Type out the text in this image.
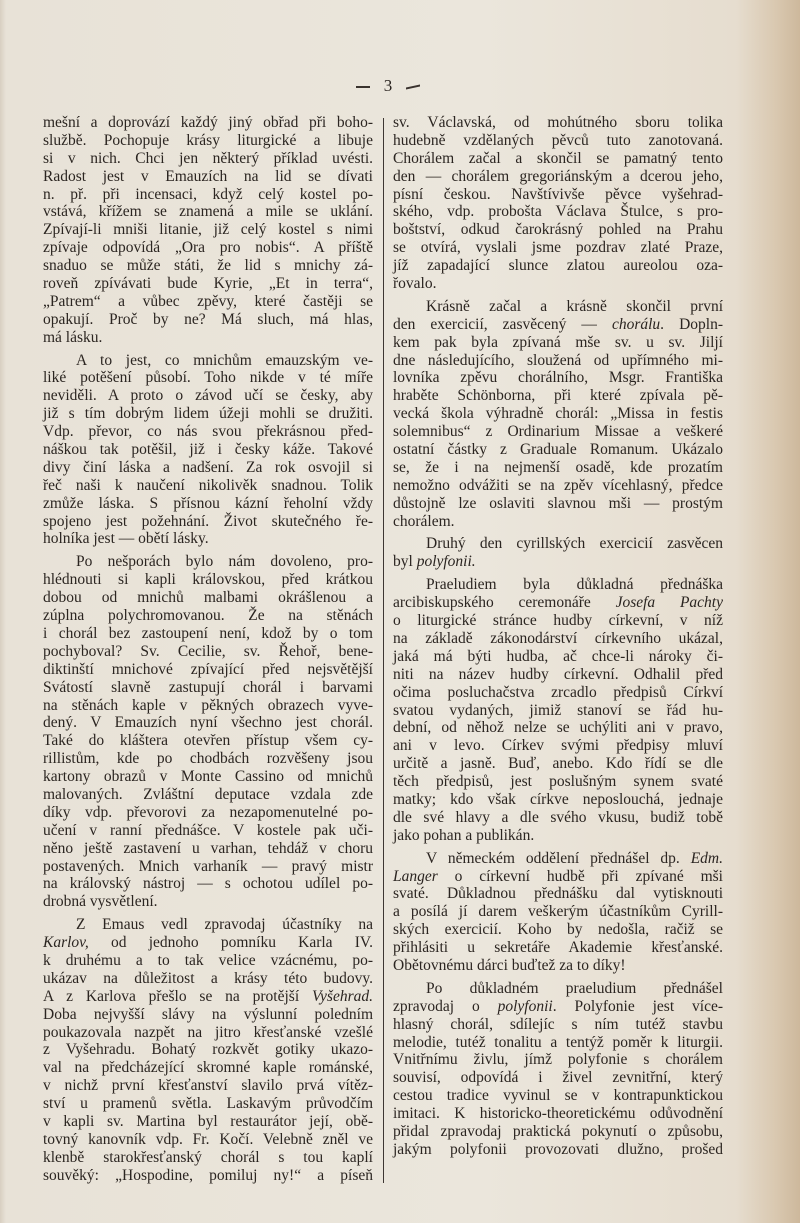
3
mešní a doprovází každý jiný obřad při boho-
službě. Pochopuje krásy liturgické a libuje
si v nich. Chci jen některý příklad uvésti.
Radost jest v Emauzích na lid se dívati
n. př. při incensaci, když celý kostel po-
vstává, křížem se znamená a mile se uklání.
Zpívají-li mniši litanie, již celý kostel s nimi
zpívaje odpovídá „Ora pro nobis“. A příště
snaduo se může státi, že lid s mnichy zá-
roveň zpívávati bude Kyrie, „Et in terra“,
„Patrem“ a vůbec zpěvy, které častěji se
opakují. Proč by ne? Má sluch, má hlas,
má lásku.
A to jest, co mnichům emauzským ve-
liké potěšení působí. Toho nikde v té míře
neviděli. A proto o závod učí se česky, aby
již s tím dobrým lidem úžeji mohli se družiti.
Vdp. převor, co nás svou překrásnou před-
náškou tak potěšil, již i česky káže. Takové
divy činí láska a nadšení. Za rok osvojil si
řeč naši k naučení nikolivěk snadnou. Tolik
zmůže láska. S přísnou kázní řeholní vždy
spojeno jest požehnání. Život skutečného ře-
holníka jest — obětí lásky.
Po nešporách bylo nám dovoleno, pro-
hlédnouti si kapli královskou, před krátkou
dobou od mnichů malbami okrášlenou a
zúplna polychromovanou. Že na stěnách
i chorál bez zastoupení není, kdož by o tom
pochyboval? Sv. Cecilie, sv. Řehoř, bene-
diktinští mnichové zpívající před nejsvětější
Svátostí slavně zastupují chorál i barvami
na stěnách kaple v pěkných obrazech vyve-
dený. V Emauzích nyní všechno jest chorál.
Také do kláštera otevřen přístup všem cy-
rillistům, kde po chodbách rozvěšeny jsou
kartony obrazů v Monte Cassino od mnichů
malovaných. Zvláštní deputace vzdala zde
díky vdp. převorovi za nezapomenutelné po-
učení v ranní přednášce. V kostele pak uči-
něno ještě zastavení u varhan, tehdáž v choru
postavených. Mnich varhaník — pravý mistr
na královský nástroj — s ochotou udílel po-
drobná vysvětlení.
Z Emaus vedl zpravodaj účastníky na
Karlov, od jednoho pomníku Karla IV.
k druhému a to tak velice vzácnému, po-
ukázav na důležitost a krásy této budovy.
A z Karlova přešlo se na protější Vyšehrad.
Doba nejvyšší slávy na výslunní poledním
poukazovala nazpět na jitro křesťanské vzešlé
z Vyšehradu. Bohatý rozkvět gotiky ukazo-
val na předcházející skromné kaple románské,
v nichž první křesťanství slavilo prvá vítěz-
ství u pramenů světla. Laskavým průvodčím
v kapli sv. Martina byl restaurátor její, obě-
tovný kanovník vdp. Fr. Kočí. Velebně zněl ve
klenbě starokřesťanský chorál s tou kaplí
souvěký: „Hospodine, pomiluj ny!“ a píseň
sv. Václavská, od mohútného sboru tolika
hudebně vzdělaných pěvců tuto zanotovaná.
Chorálem začal a skončil se pamatný tento
den — chorálem gregoriánským a dcerou jeho,
písní českou. Navštívivše pěvce vyšehrad-
ského, vdp. probošta Václava Štulce, s pro-
boštství, odkud čarokrásný pohled na Prahu
se otvírá, vyslali jsme pozdrav zlaté Praze,
jíž zapadající slunce zlatou aureolou oza-
řovalo.
Krásně začal a krásně skončil první
den exercicií, zasvěcený — chorálu. Dopln-
kem pak byla zpívaná mše sv. u sv. Jiljí
dne následujícího, sloužená od upřímného mi-
lovníka zpěvu chorálního, Msgr. Františka
hraběte Schönborna, při které zpívala pě-
vecká škola výhradně chorál: „Missa in festis
solemnibus“ z Ordinarium Missae a veškeré
ostatní částky z Graduale Romanum. Ukázalo
se, že i na nejmenší osadě, kde prozatím
nemožno odvážiti se na zpěv vícehlasný, předce
důstojně lze oslaviti slavnou mši — prostým
chorálem.
Druhý den cyrillských exercicií zasvěcen
byl polyfonii.
Praeludiem byla důkladná přednáška
arcibiskupského ceremonáře Josefa Pachty
o liturgické stránce hudby církevní, v níž
na základě zákonodárství církevního ukázal,
jaká má býti hudba, ač chce-li nároky či-
niti na název hudby církevní. Odhalil před
očima posluchačstva zrcadlo předpisů Církví
svatou vydaných, jimiž stanoví se řád hu-
dební, od něhož nelze se uchýliti ani v pravo,
ani v levo. Církev svými předpisy mluví
určitě a jasně. Buď, anebo. Kdo řídí se dle
těch předpisů, jest poslušným synem svaté
matky; kdo však církve neposlouchá, jednaje
dle své hlavy a dle svého vkusu, budiž tobě
jako pohan a publikán.
V německém oddělení přednášel dp. Edm.
Langer o církevní hudbě při zpívané mši
svaté. Důkladnou přednášku dal vytisknouti
a posílá jí darem veškerým účastníkům Cyrill-
ských exercicií. Koho by nedošla, račiž se
přihlásiti u sekretáře Akademie křesťanské.
Obětovnému dárci buďtež za to díky!
Po důkladném praeludium přednášel
zpravodaj o polyfonii. Polyfonie jest více-
hlasný chorál, sdílejíc s ním tutéž stavbu
melodie, tutéž tonalitu a tentýž poměr k liturgii.
Vnitřnímu živlu, jímž polyfonie s chorálem
souvisí, odpovídá i živel zevnitřní, který
cestou tradice vyvinul se v kontrapunktickou
imitaci. K historicko-theoretickému odůvodnění
přidal zpravodaj praktická pokynutí o způsobu,
jakým polyfonii provozovati dlužno, prošed
